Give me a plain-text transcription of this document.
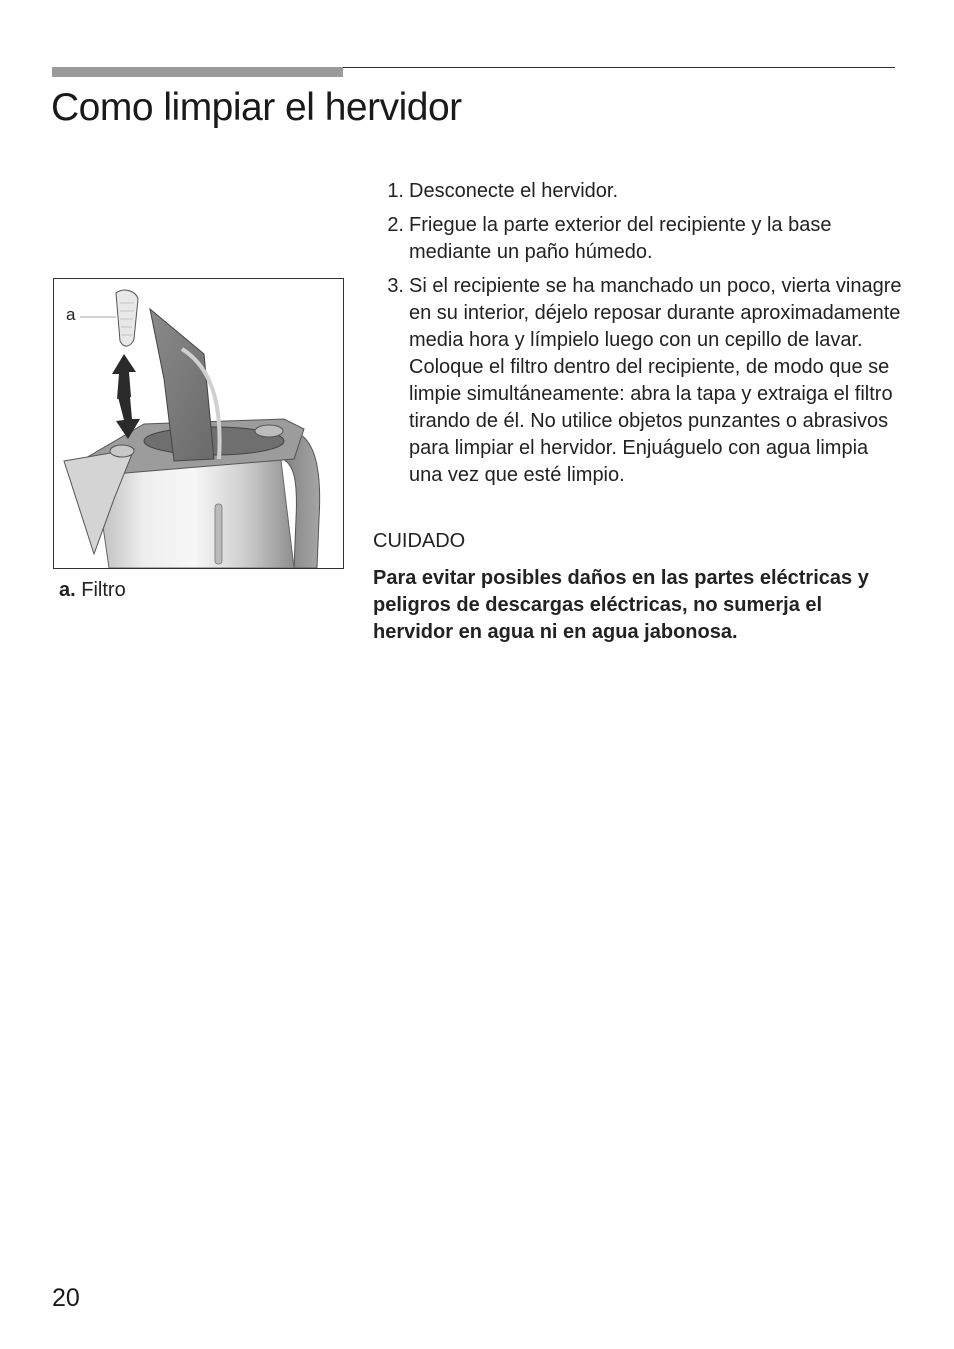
Como limpiar el hervidor
a
a. Filtro
1. Desconecte el hervidor.
2. Friegue la parte exterior del recipiente y la base mediante un paño húmedo.
3. Si el recipiente se ha manchado un poco, vierta vinagre en su interior, déjelo reposar durante aproximadamente media hora y límpielo luego con un cepillo de lavar. Coloque el filtro dentro del recipiente, de modo que se limpie simultáneamente: abra la tapa y extraiga el filtro tirando de él. No utilice objetos punzantes o abrasivos para limpiar el hervidor. Enjuáguelo con agua limpia una vez que esté limpio.
CUIDADO
Para evitar posibles daños en las partes eléctricas y peligros de descargas eléctricas, no sumerja el hervidor en agua ni en agua jabonosa.
20
